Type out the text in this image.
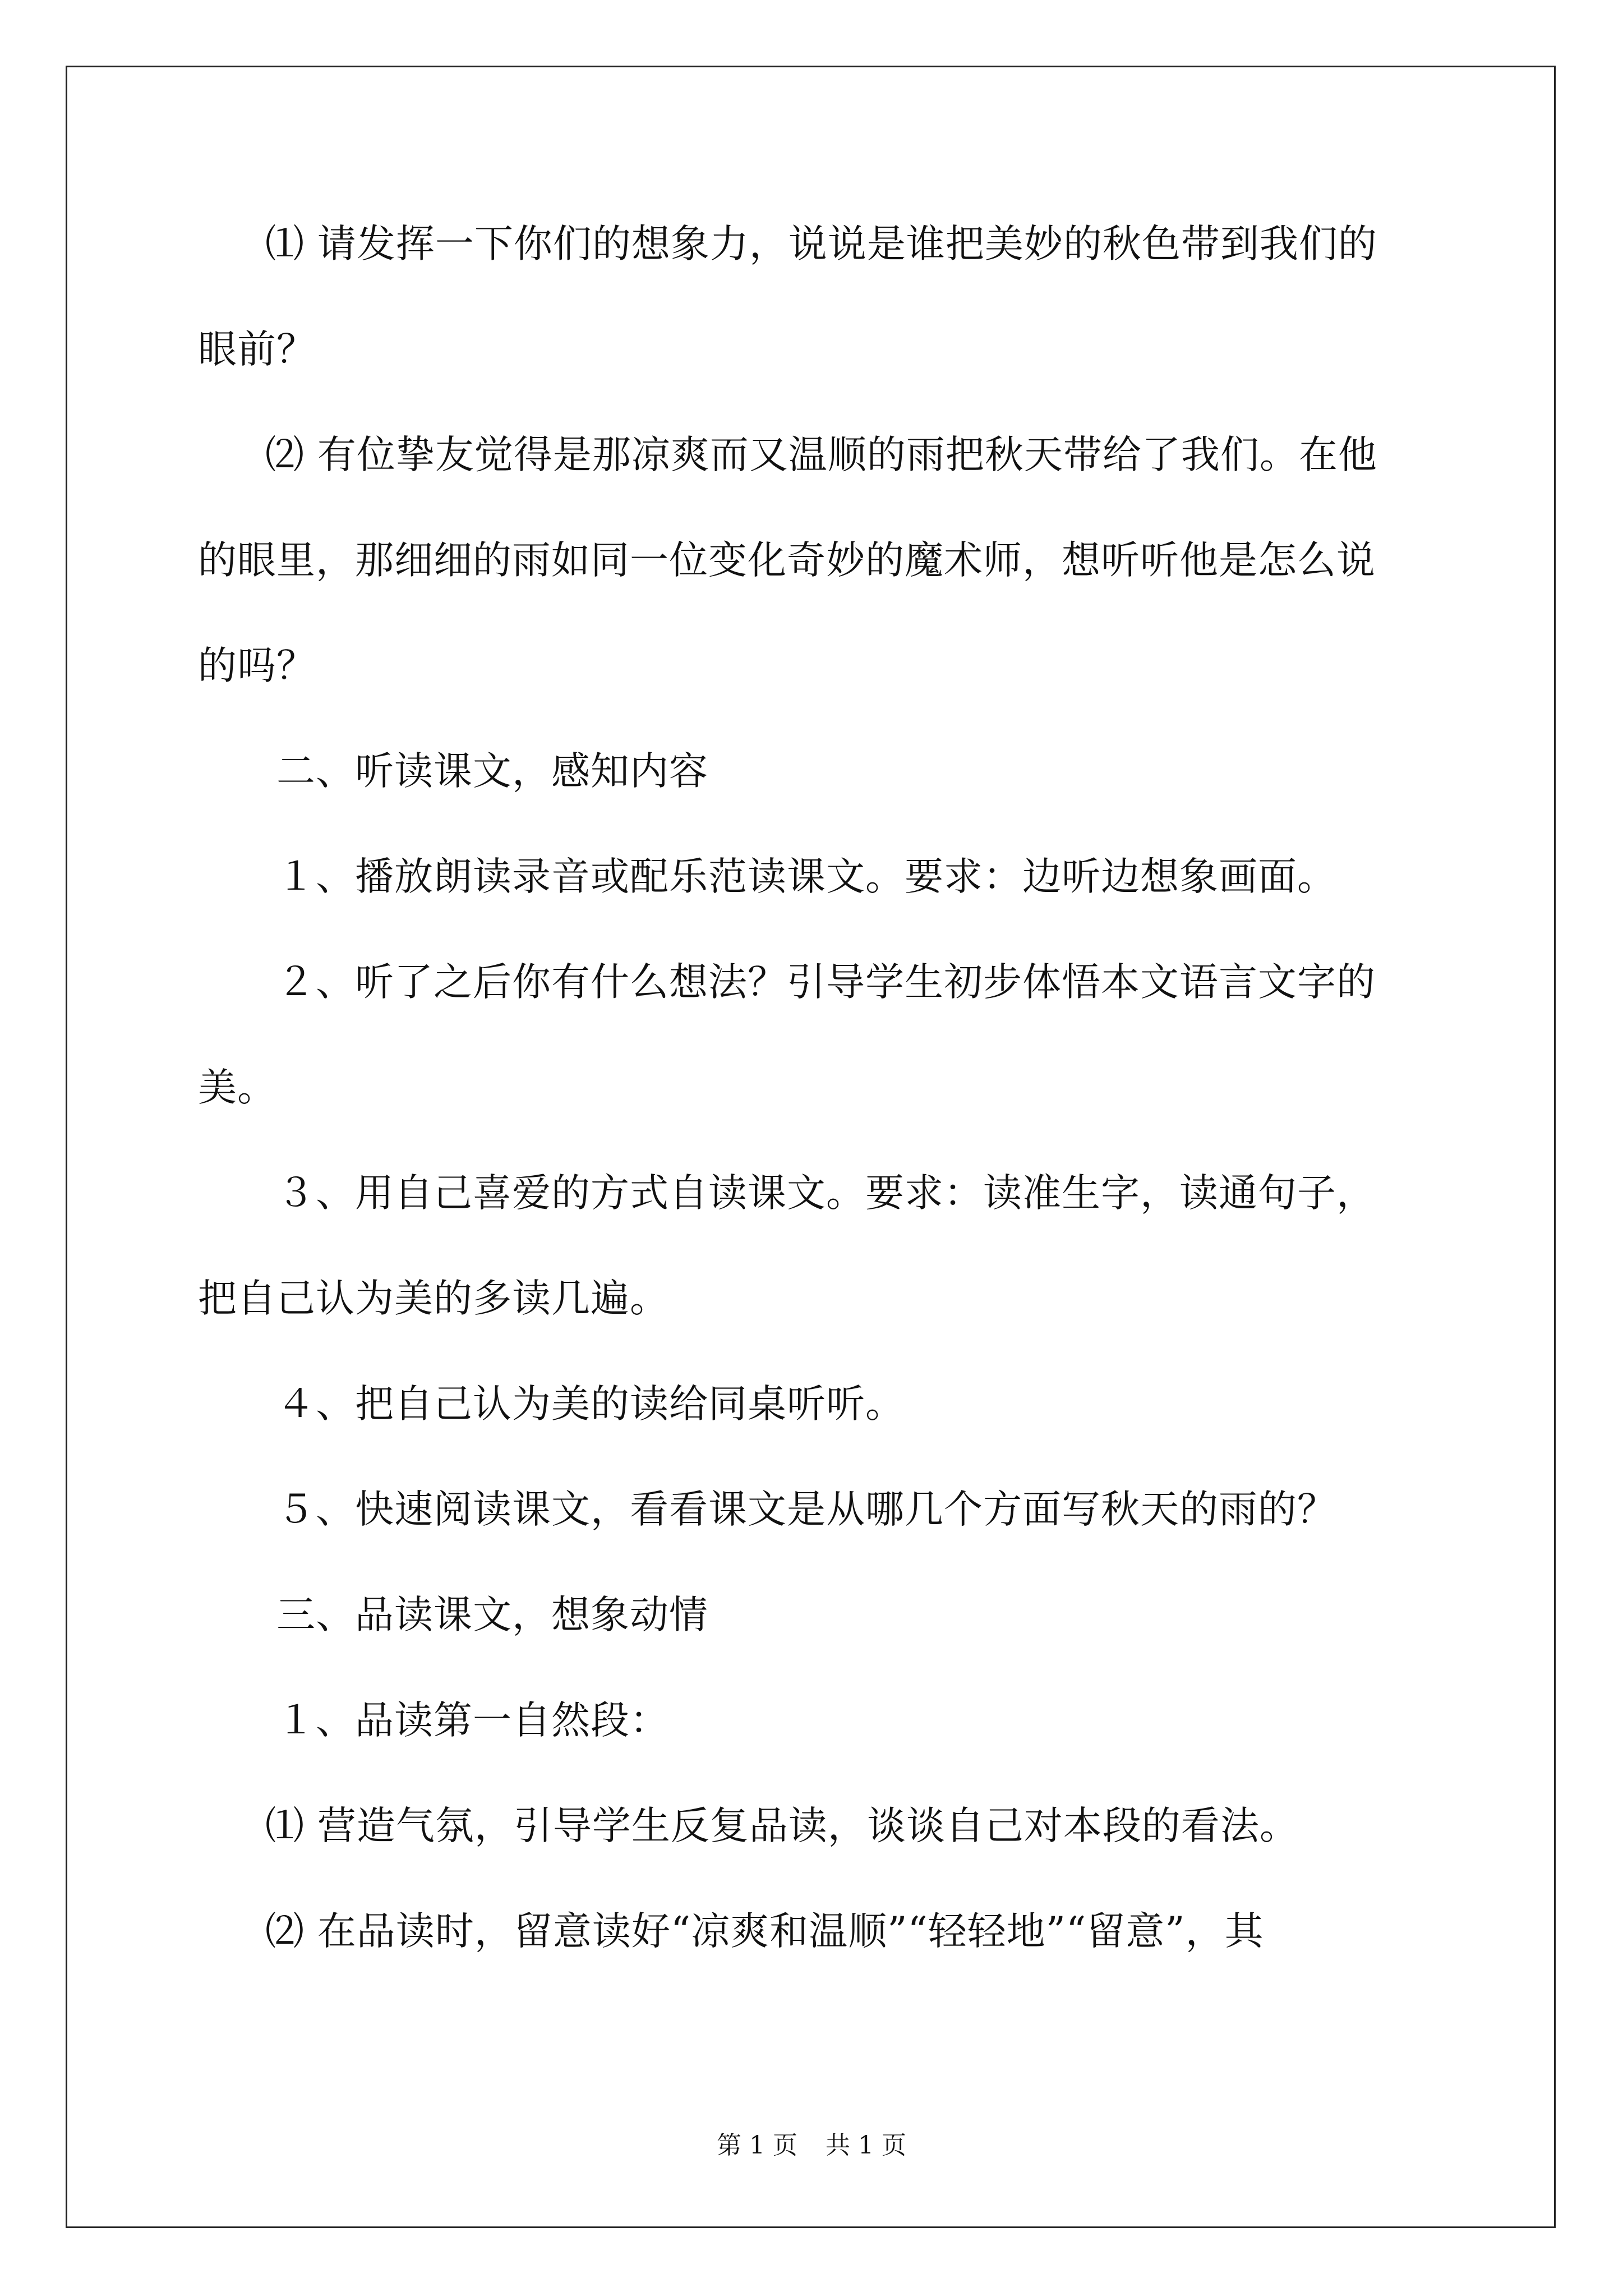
⑴ 请发挥一下你们的想象力，说说是谁把美妙的秋色带到我们的
眼前？
⑵ 有位挚友觉得是那凉爽而又温顺的雨把秋天带给了我们。在他
的眼里，那细细的雨如同一位变化奇妙的魔术师，想听听他是怎么说
的吗？
二、听读课文，感知内容
１、播放朗读录音或配乐范读课文。要求：边听边想象画面。
２、听了之后你有什么想法？引导学生初步体悟本文语言文字的
美。
３、用自己喜爱的方式自读课文。要求：读准生字，读通句子，
把自己认为美的多读几遍。
４、把自己认为美的读给同桌听听。
５、快速阅读课文，看看课文是从哪几个方面写秋天的雨的？
三、品读课文，想象动情
１、品读第一自然段：
⑴ 营造气氛，引导学生反复品读，谈谈自己对本段的看法。
⑵ 在品读时，留意读好“凉爽和温顺”“轻轻地”“留意”，其
第 1 页 共 1 页
